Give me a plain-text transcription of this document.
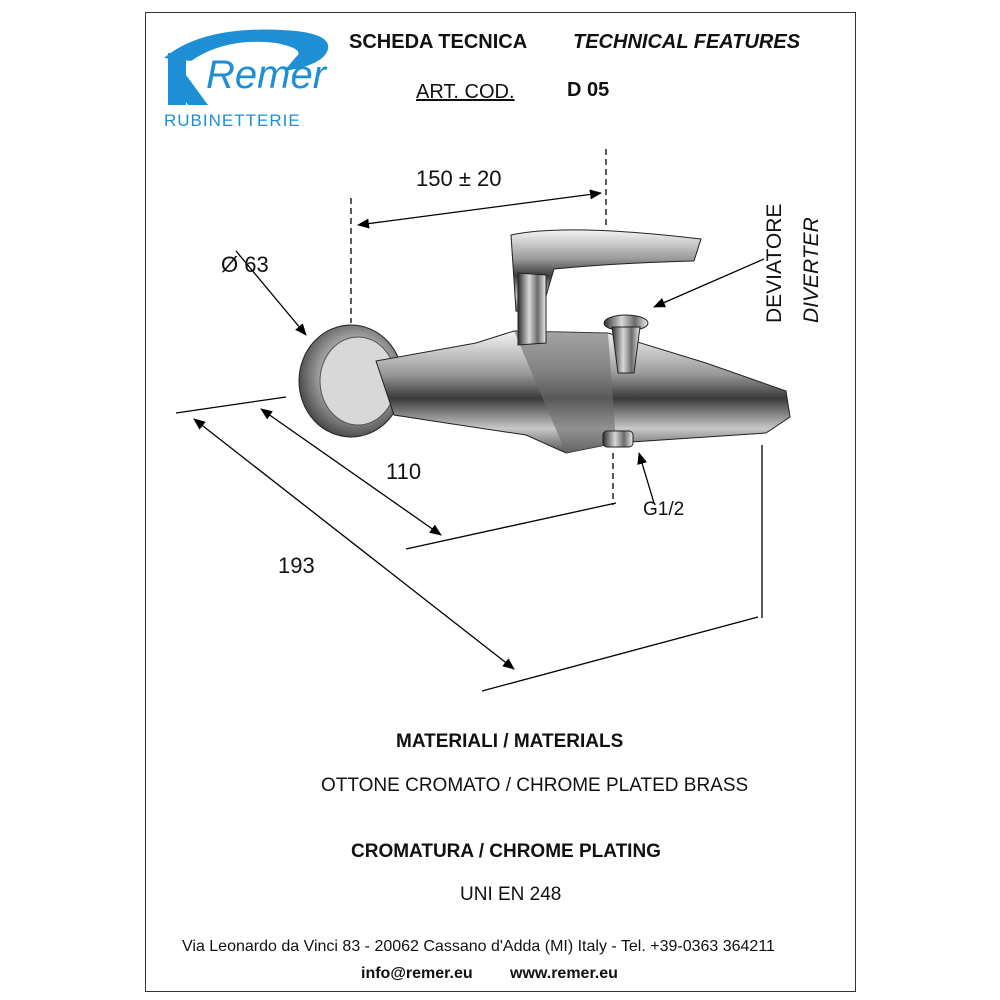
RUBINETTERIE
Remer
SCHEDA TECNICA TECHNICAL FEATURES
ART. COD.	D 05
150 ± 20
Ø 63
110
193
G1/2
DEVIATORE DIVERTER
MATERIALI / MATERIALS
OTTONE CROMATO / CHROME PLATED BRASS
CROMATURA / CHROME PLATING
UNI EN 248
Via Leonardo da Vinci 83 - 20062 Cassano d'Adda (MI) Italy - Tel. +39-0363 364211
info@remer.eu www.remer.eu
